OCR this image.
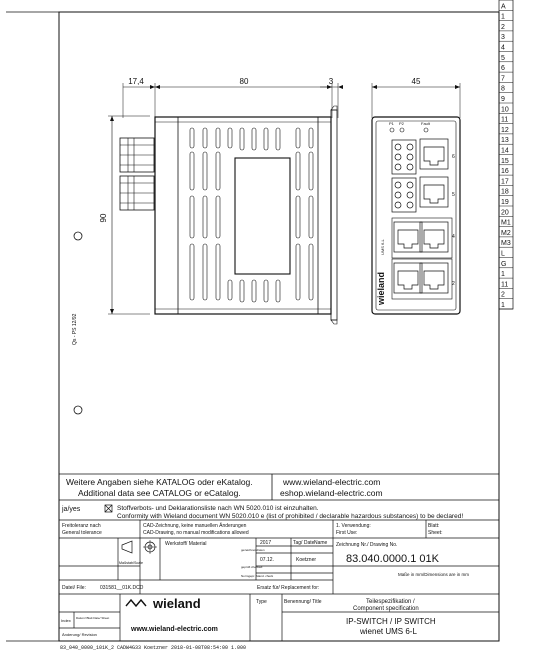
Qs - PS 12/92
A
1
2
3
4
5
6
7
8
9
10
11
12
13
14
15
16
17
18
19
20
M1
M2
M3
L
G
1
11
2
1
17,4	80	3
90
45
P1 P2	Fault
6
5
4
2
wieland
UMS 6-L
Weitere Angaben siehe KATALOG oder eKatalog.
Additional data see CATALOG or eCatalog.
www.wieland-electric.com
eshop.wieland-electric.com
ja/yes	Stoffverbots- und Deklarationsliste nach WN 5020.010 ist einzuhalten.
Conformity with Wieland document WN 5020.010 e (list of prohibited / declarable hazardous substances) to be declared!
Freitoleranz nach
General tolerance
CAD-Zeichnung, keine manuellen Änderungen
CAD-Drawing, no manual modifications allowed
1. Verwendung:
First Use:
Blatt:
Sheet:
Maßstab/Scale
Werkstoff/ Material	2017	Tag/ Date Name
gezeichnet drawn
geprüft checked
Normgepr. Stand. check
07.12.	Koetzner
Zeichnung Nr./ Drawing No.
83.040.0000.1 01K
Maße in mm/Dimensions are in mm
Datei/ File:	031581__01K.DCD	Ersatz für/ Replacement for:
Index Datum/ Blatt Date/ Sheet
Änderung/ Revision
wieland
www.wieland-electric.com
Type	Benennung/ Title	Teilespezifikation /
Component specification
IP-SWITCH / IP SWITCH
wienet UMS 6-L
83_040_0000_101K_2 CADW4G33 Koetzner 2018-01-08T08:54:00 1.000
